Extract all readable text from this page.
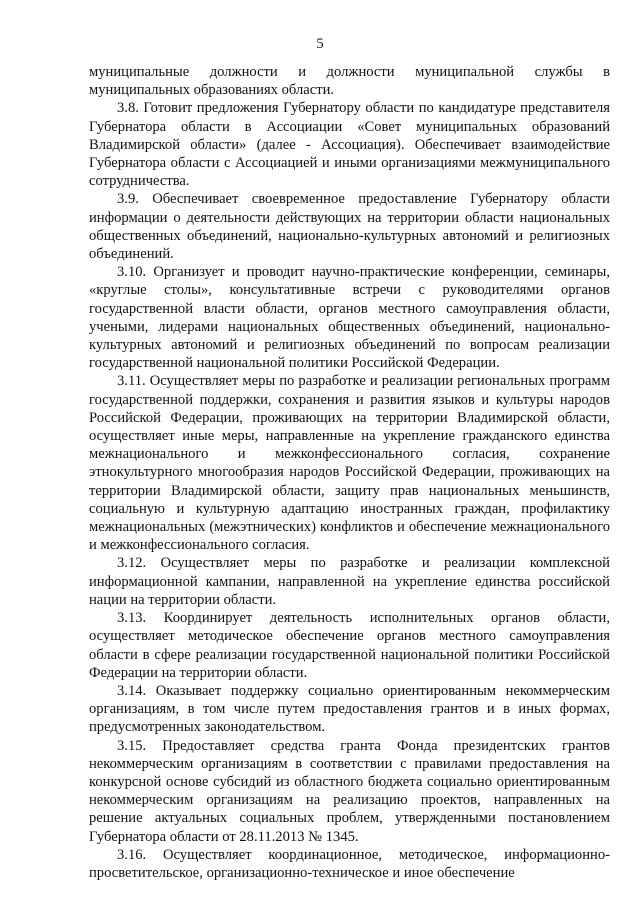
5

муниципальные должности и должности муниципальной службы в муниципальных образованиях области.

3.8. Готовит предложения Губернатору области по кандидатуре представителя Губернатора области в Ассоциации «Совет муниципальных образований Владимирской области» (далее - Ассоциация). Обеспечивает взаимодействие Губернатора области с Ассоциацией и иными организациями межмуниципального сотрудничества.

3.9. Обеспечивает своевременное предоставление Губернатору области информации о деятельности действующих на территории области национальных общественных объединений, национально-культурных автономий и религиозных объединений.

3.10. Организует и проводит научно-практические конференции, семинары, «круглые столы», консультативные встречи с руководителями органов государственной власти области, органов местного самоуправления области, учеными, лидерами национальных общественных объединений, национально-культурных автономий и религиозных объединений по вопросам реализации государственной национальной политики Российской Федерации.

3.11. Осуществляет меры по разработке и реализации региональных программ государственной поддержки, сохранения и развития языков и культуры народов Российской Федерации, проживающих на территории Владимирской области, осуществляет иные меры, направленные на укрепление гражданского единства межнационального и межконфессионального согласия, сохранение этнокультурного многообразия народов Российской Федерации, проживающих на территории Владимирской области, защиту прав национальных меньшинств, социальную и культурную адаптацию иностранных граждан, профилактику межнациональных (межэтнических) конфликтов и обеспечение межнационального и межконфессионального согласия.

3.12. Осуществляет меры по разработке и реализации комплексной информационной кампании, направленной на укрепление единства российской нации на территории области.

3.13. Координирует деятельность исполнительных органов области, осуществляет методическое обеспечение органов местного самоуправления области в сфере реализации государственной национальной политики Российской Федерации на территории области.

3.14. Оказывает поддержку социально ориентированным некоммерческим организациям, в том числе путем предоставления грантов и в иных формах, предусмотренных законодательством.

3.15. Предоставляет средства гранта Фонда президентских грантов некоммерческим организациям в соответствии с правилами предоставления на конкурсной основе субсидий из областного бюджета социально ориентированным некоммерческим организациям на реализацию проектов, направленных на решение актуальных социальных проблем, утвержденными постановлением Губернатора области от 28.11.2013 № 1345.

3.16. Осуществляет координационное, методическое, информационно-просветительское, организационно-техническое и иное обеспечение
